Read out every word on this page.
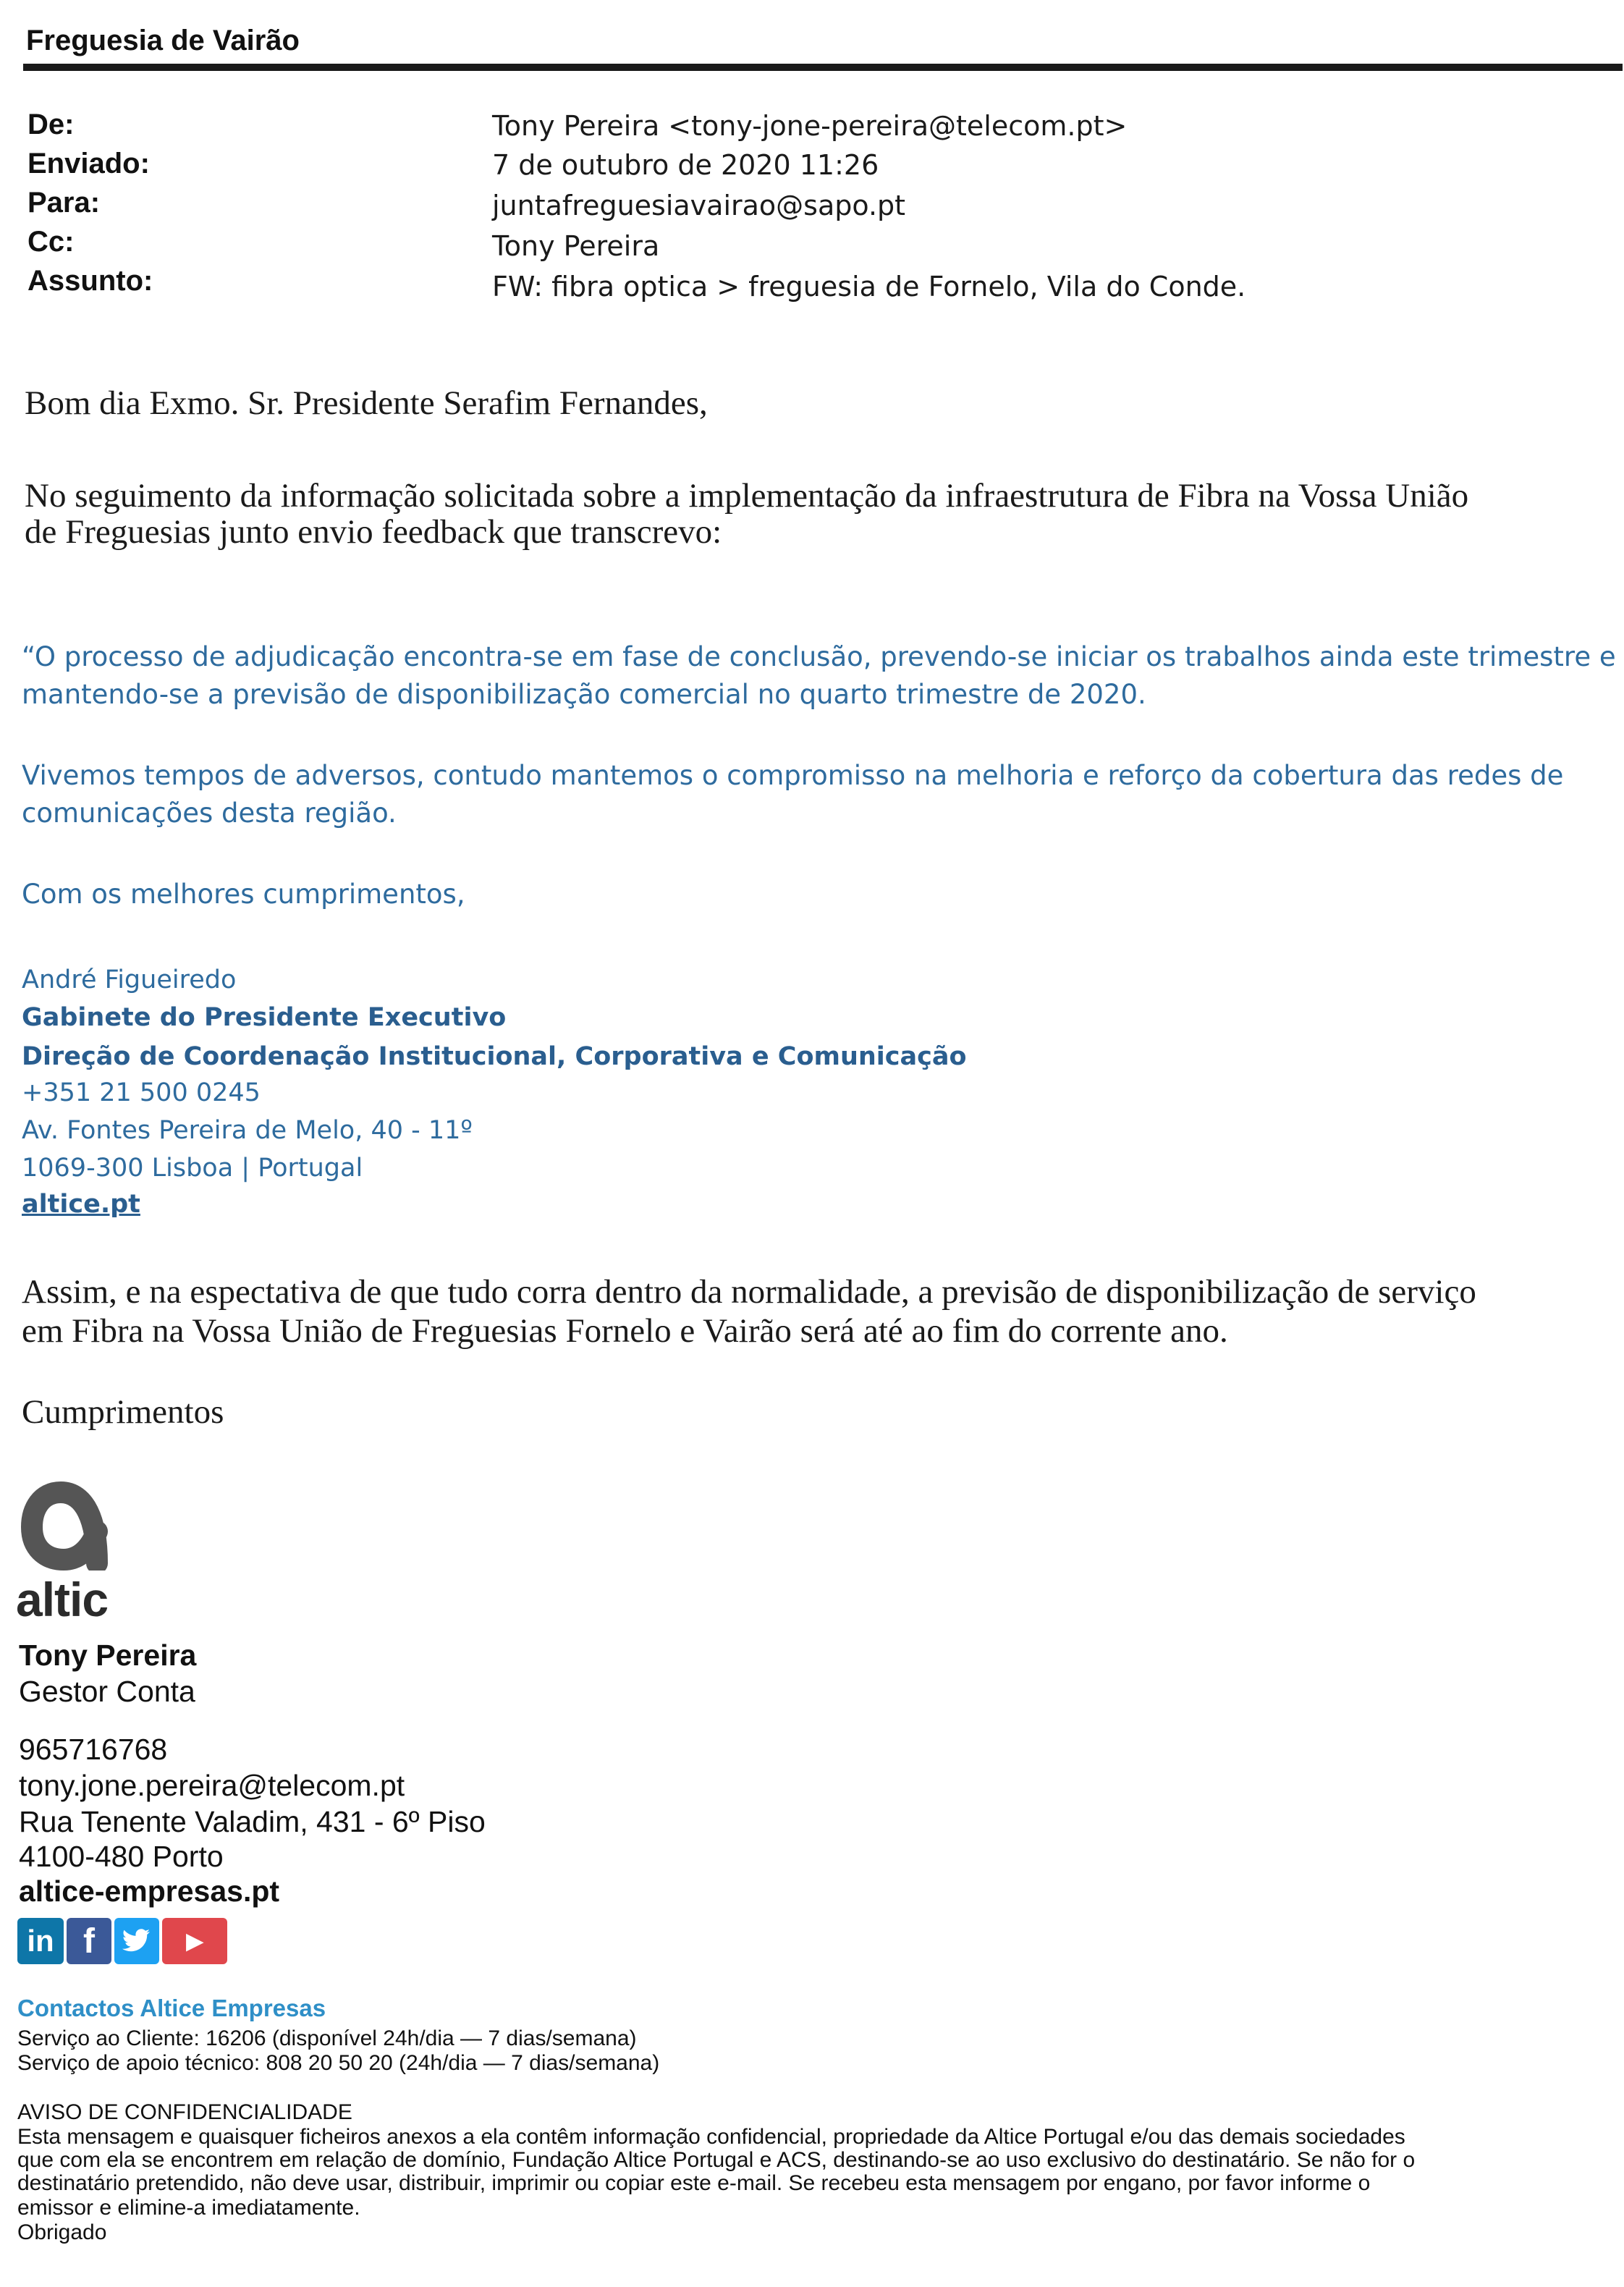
Freguesia de Vairão
De:	Tony Pereira <tony-jone-pereira@telecom.pt>
Enviado:	7 de outubro de 2020 11:26
Para:	juntafreguesiavairao@sapo.pt
Cc:	Tony Pereira
Assunto:	FW: fibra optica > freguesia de Fornelo, Vila do Conde.
Bom dia Exmo. Sr. Presidente Serafim Fernandes,
No seguimento da informação solicitada sobre a implementação da infraestrutura de Fibra na Vossa União
de Freguesias junto envio feedback que transcrevo:
“O processo de adjudicação encontra-se em fase de conclusão, prevendo-se iniciar os trabalhos ainda este trimestre e
mantendo-se a previsão de disponibilização comercial no quarto trimestre de 2020.
Vivemos tempos de adversos, contudo mantemos o compromisso na melhoria e reforço da cobertura das redes de
comunicações desta região.
Com os melhores cumprimentos,
André Figueiredo
Gabinete do Presidente Executivo
Direção de Coordenação Institucional, Corporativa e Comunicação
+351 21 500 0245
Av. Fontes Pereira de Melo, 40 - 11º
1069-300 Lisboa | Portugal
altice.pt
Assim, e na espectativa de que tudo corra dentro da normalidade, a previsão de disponibilização de serviço
em Fibra na Vossa União de Freguesias Fornelo e Vairão será até ao fim do corrente ano.
Cumprimentos
altic
Tony Pereira
Gestor Conta
965716768
tony.jone.pereira@telecom.pt
Rua Tenente Valadim, 431 - 6º Piso
4100-480 Porto
altice-empresas.pt
in f	▶
Contactos Altice Empresas
Serviço ao Cliente: 16206 (disponível 24h/dia — 7 dias/semana)
Serviço de apoio técnico: 808 20 50 20 (24h/dia — 7 dias/semana)
AVISO DE CONFIDENCIALIDADE
Esta mensagem e quaisquer ficheiros anexos a ela contêm informação confidencial, propriedade da Altice Portugal e/ou das demais sociedades
que com ela se encontrem em relação de domínio, Fundação Altice Portugal e ACS, destinando-se ao uso exclusivo do destinatário. Se não for o
destinatário pretendido, não deve usar, distribuir, imprimir ou copiar este e-mail. Se recebeu esta mensagem por engano, por favor informe o
emissor e elimine-a imediatamente.
Obrigado
